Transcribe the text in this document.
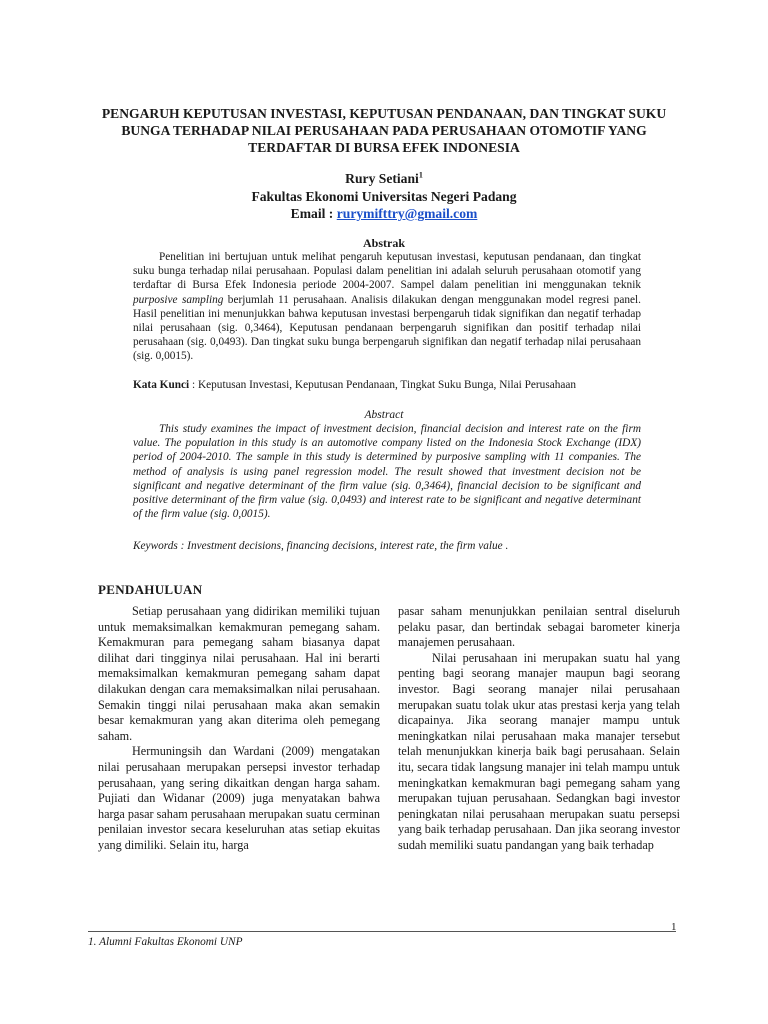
PENGARUH KEPUTUSAN INVESTASI, KEPUTUSAN PENDANAAN, DAN TINGKAT SUKU
BUNGA TERHADAP NILAI PERUSAHAAN PADA PERUSAHAAN OTOMOTIF YANG
TERDAFTAR DI BURSA EFEK INDONESIA
Rury Setiani$^1$
Fakultas Ekonomi Universitas Negeri Padang
Email : rurymifttry@gmail.com
Abstrak

Penelitian ini bertujuan untuk melihat pengaruh keputusan investasi, keputusan pendanaan, dan tingkat suku bunga terhadap nilai perusahaan. Populasi dalam penelitian ini adalah seluruh perusahaan otomotif yang terdaftar di Bursa Efek Indonesia periode 2004-2007. Sampel dalam penelitian ini menggunakan teknik purposive sampling berjumlah 11 perusahaan. Analisis dilakukan dengan menggunakan model regresi panel. Hasil penelitian ini menunjukkan bahwa keputusan investasi berpengaruh tidak signifikan dan negatif terhadap nilai perusahaan (sig. 0,3464), Keputusan pendanaan berpengaruh signifikan dan positif terhadap nilai perusahaan (sig. 0,0493). Dan tingkat suku bunga berpengaruh signifikan dan negatif terhadap nilai perusahaan (sig. 0,0015).

Kata Kunci : Keputusan Investasi, Keputusan Pendanaan, Tingkat Suku Bunga, Nilai Perusahaan
Abstract

This study examines the impact of investment decision, financial decision and interest rate on the firm value. The population in this study is an automotive company listed on the Indonesia Stock Exchange (IDX) period of 2004-2010. The sample in this study is determined by purposive sampling with 11 companies. The method of analysis is using panel regression model. The result showed that investment decision not be significant and negative determinant of the firm value (sig. 0,3464), financial decision to be significant and positive determinant of the firm value (sig. 0,0493) and interest rate to be significant and negative determinant of the firm value (sig. 0,0015).

Keywords : Investment decisions, financing decisions, interest rate, the firm value .
PENDAHULUAN

Setiap perusahaan yang didirikan memiliki tujuan untuk memaksimalkan kemakmuran pemegang saham. Kemakmuran para pemegang saham biasanya dapat dilihat dari tingginya nilai perusahaan. Hal ini berarti memaksimalkan kemakmuran pemegang saham dapat dilakukan dengan cara memaksimalkan nilai perusahaan. Semakin tinggi nilai perusahaan maka akan semakin besar kemakmuran yang akan diterima oleh pemegang saham.

Hermuningsih dan Wardani (2009) mengatakan nilai perusahaan merupakan persepsi investor terhadap perusahaan, yang sering dikaitkan dengan harga saham. Pujiati dan Widanar (2009) juga menyatakan bahwa harga pasar saham perusahaan merupakan suatu cerminan penilaian investor secara keseluruhan atas setiap ekuitas yang dimiliki. Selain itu, harga

pasar saham menunjukkan penilaian sentral diseluruh pelaku pasar, dan bertindak sebagai barometer kinerja manajemen perusahaan.

Nilai perusahaan ini merupakan suatu hal yang penting bagi seorang manajer maupun bagi seorang investor. Bagi seorang manajer nilai perusahaan merupakan suatu tolak ukur atas prestasi kerja yang telah dicapainya. Jika seorang manajer mampu untuk meningkatkan nilai perusahaan maka manajer tersebut telah menunjukkan kinerja baik bagi perusahaan. Selain itu, secara tidak langsung manajer ini telah mampu untuk meningkatkan kemakmuran bagi pemegang saham yang merupakan tujuan perusahaan. Sedangkan bagi investor peningkatan nilai perusahaan merupakan suatu persepsi yang baik terhadap perusahaan. Dan jika seorang investor sudah memiliki suatu pandangan yang baik terhadap

1
1. Alumni Fakultas Ekonomi UNP
